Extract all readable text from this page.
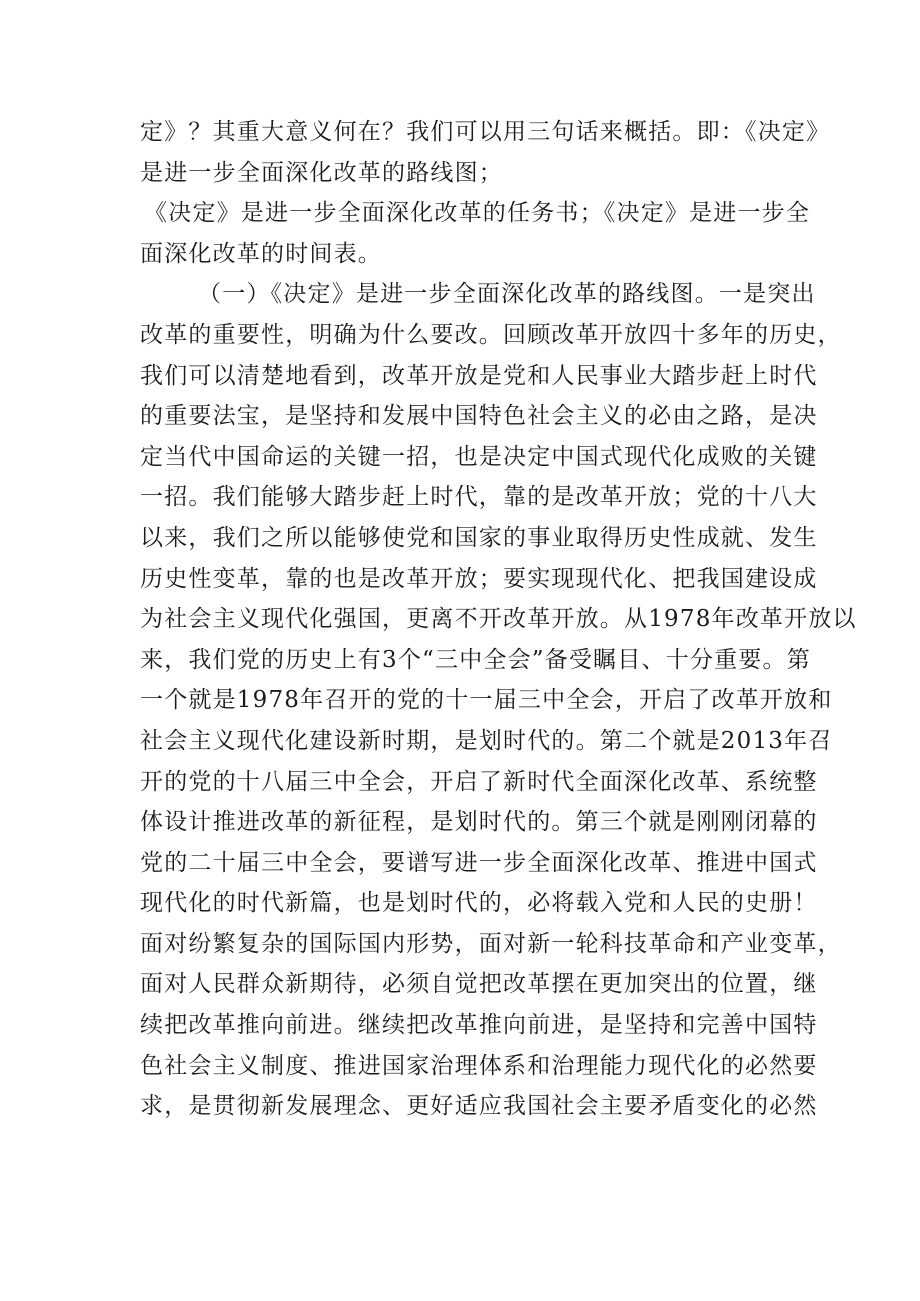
定》？其重大意义何在？我们可以用三句话来概括。即：《决定》
是进一步全面深化改革的路线图；
《决定》是进一步全面深化改革的任务书；《决定》是进一步全
面深化改革的时间表。
（一）《决定》是进一步全面深化改革的路线图。一是突出
改革的重要性，明确为什么要改。回顾改革开放四十多年的历史，
我们可以清楚地看到，改革开放是党和人民事业大踏步赶上时代
的重要法宝，是坚持和发展中国特色社会主义的必由之路，是决
定当代中国命运的关键一招，也是决定中国式现代化成败的关键
一招。我们能够大踏步赶上时代，靠的是改革开放；党的十八大
以来，我们之所以能够使党和国家的事业取得历史性成就、发生
历史性变革，靠的也是改革开放；要实现现代化、把我国建设成
为社会主义现代化强国，更离不开改革开放。从1978年改革开放以
来，我们党的历史上有3个“三中全会”备受瞩目、十分重要。第
一个就是1978年召开的党的十一届三中全会，开启了改革开放和
社会主义现代化建设新时期，是划时代的。第二个就是2013年召
开的党的十八届三中全会，开启了新时代全面深化改革、系统整
体设计推进改革的新征程，是划时代的。第三个就是刚刚闭幕的
党的二十届三中全会，要谱写进一步全面深化改革、推进中国式
现代化的时代新篇，也是划时代的，必将载入党和人民的史册！
面对纷繁复杂的国际国内形势，面对新一轮科技革命和产业变革，
面对人民群众新期待，必须自觉把改革摆在更加突出的位置，继
续把改革推向前进。继续把改革推向前进，是坚持和完善中国特
色社会主义制度、推进国家治理体系和治理能力现代化的必然要
求，是贯彻新发展理念、更好适应我国社会主要矛盾变化的必然
